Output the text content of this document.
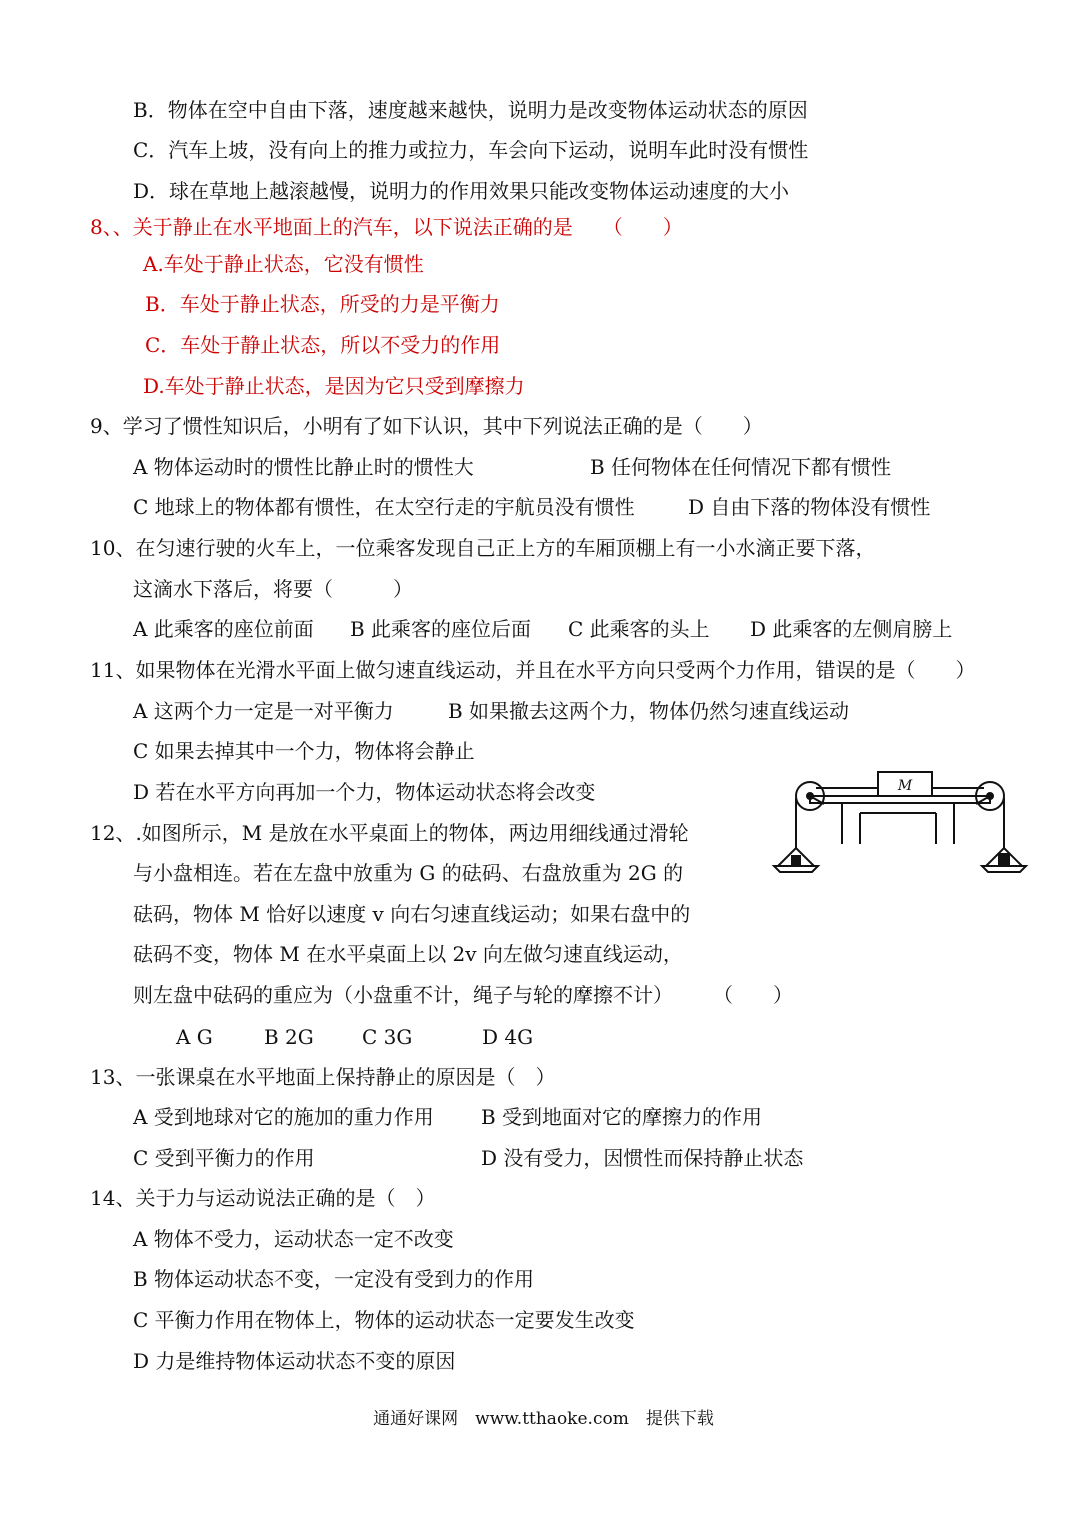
B．物体在空中自由下落，速度越来越快，说明力是改变物体运动状态的原因
C．汽车上坡，没有向上的推力或拉力，车会向下运动，说明车此时没有惯性
D．球在草地上越滚越慢，说明力的作用效果只能改变物体运动速度的大小
8、、关于静止在水平地面上的汽车，以下说法正确的是　　（　　）
A.车处于静止状态，它没有惯性
B．车处于静止状态，所受的力是平衡力
C．车处于静止状态，所以不受力的作用
D.车处于静止状态，是因为它只受到摩擦力
9、学习了惯性知识后，小明有了如下认识，其中下列说法正确的是（　　）
A 物体运动时的惯性比静止时的惯性大	B 任何物体在任何情况下都有惯性
C 地球上的物体都有惯性，在太空行走的宇航员没有惯性	D 自由下落的物体没有惯性
10、在匀速行驶的火车上，一位乘客发现自己正上方的车厢顶棚上有一小水滴正要下落，
这滴水下落后，将要（　　　）
A 此乘客的座位前面 B 此乘客的座位后面 C 此乘客的头上 D 此乘客的左侧肩膀上
11、如果物体在光滑水平面上做匀速直线运动，并且在水平方向只受两个力作用，错误的是（　　）
A 这两个力一定是一对平衡力	B 如果撤去这两个力，物体仍然匀速直线运动
C 如果去掉其中一个力，物体将会静止
D 若在水平方向再加一个力，物体运动状态将会改变	M
12、.如图所示，M 是放在水平桌面上的物体，两边用细线通过滑轮
与小盘相连。若在左盘中放重为 G 的砝码、右盘放重为 2G 的
砝码，物体 M 恰好以速度 v 向右匀速直线运动；如果右盘中的
砝码不变，物体 M 在水平桌面上以 2v 向左做匀速直线运动，
则左盘中砝码的重应为（小盘重不计，绳子与轮的摩擦不计）　　　（　　）
A G	B 2G C 3G	D 4G
13、一张课桌在水平地面上保持静止的原因是（　）
A 受到地球对它的施加的重力作用 B 受到地面对它的摩擦力的作用
C 受到平衡力的作用	D 没有受力，因惯性而保持静止状态
14、关于力与运动说法正确的是（　）
A 物体不受力，运动状态一定不改变
B 物体运动状态不变，一定没有受到力的作用
C 平衡力作用在物体上，物体的运动状态一定要发生改变
D 力是维持物体运动状态不变的原因
通通好课网　www.tthaoke.com　提供下载
